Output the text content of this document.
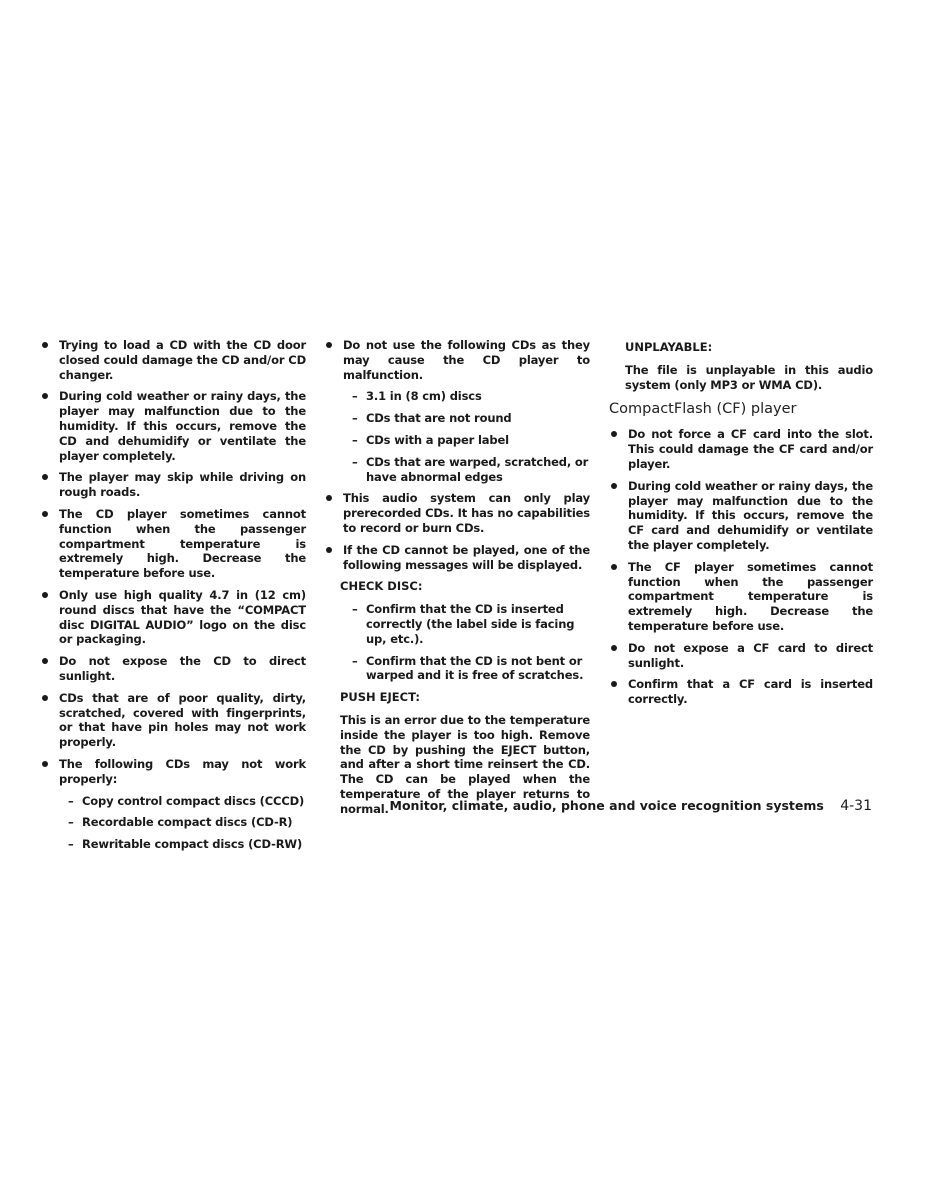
Trying to load a CD with the CD door closed could damage the CD and/or CD changer.
During cold weather or rainy days, the player may malfunction due to the humidity. If this occurs, remove the CD and dehumidify or ventilate the player completely.
The player may skip while driving on rough roads.
The CD player sometimes cannot function when the passenger compartment temperature is extremely high. Decrease the temperature before use.
Only use high quality 4.7 in (12 cm) round discs that have the “COMPACT disc DIGITAL AUDIO” logo on the disc or packaging.
Do not expose the CD to direct sunlight.
CDs that are of poor quality, dirty, scratched, covered with fingerprints, or that have pin holes may not work properly.
The following CDs may not work properly:
– Copy control compact discs (CCCD)
– Recordable compact discs (CD-R)
– Rewritable compact discs (CD-RW)
Do not use the following CDs as they may cause the CD player to malfunction.
– 3.1 in (8 cm) discs
– CDs that are not round
– CDs with a paper label
– CDs that are warped, scratched, or have abnormal edges
This audio system can only play prerecorded CDs. It has no capabilities to record or burn CDs.
If the CD cannot be played, one of the following messages will be displayed.
CHECK DISC:
– Confirm that the CD is inserted correctly (the label side is facing up, etc.).
– Confirm that the CD is not bent or warped and it is free of scratches.
PUSH EJECT:
This is an error due to the temperature inside the player is too high. Remove the CD by pushing the EJECT button, and after a short time reinsert the CD. The CD can be played when the temperature of the player returns to normal.
UNPLAYABLE:
The file is unplayable in this audio system (only MP3 or WMA CD).
CompactFlash (CF) player
Do not force a CF card into the slot. This could damage the CF card and/or player.
During cold weather or rainy days, the player may malfunction due to the humidity. If this occurs, remove the CF card and dehumidify or ventilate the player completely.
The CF player sometimes cannot function when the passenger compartment temperature is extremely high. Decrease the temperature before use.
Do not expose a CF card to direct sunlight.
Confirm that a CF card is inserted correctly.
Monitor, climate, audio, phone and voice recognition systems 4-31
